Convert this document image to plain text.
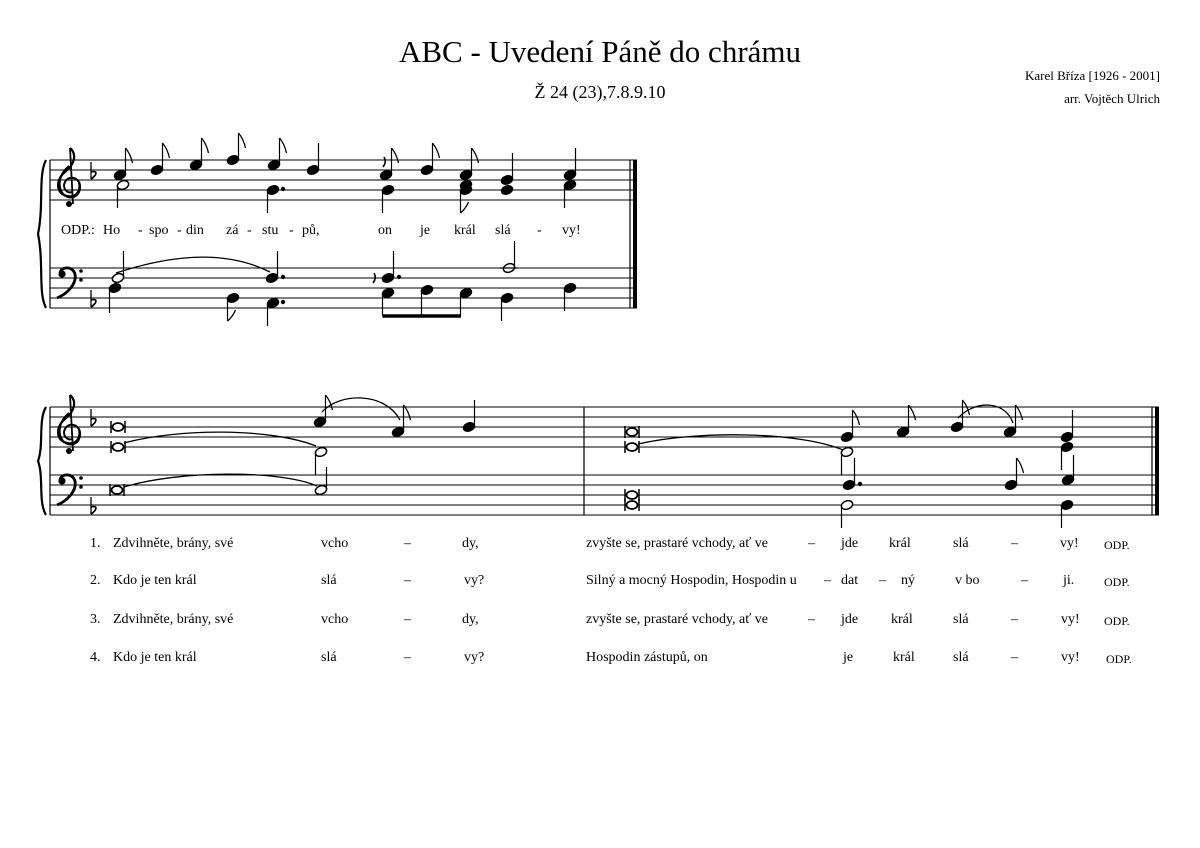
ABC - Uvedení Páně do chrámu
Ž 24 (23),7.8.9.10
Karel Bříza [1926 - 2001]
arr. Vojtěch Ulrich
ODP.: Ho - spo - din zá - stu - pů,	on je král slá - vy!
1. Zdvihněte, brány, své	vcho	–	dy,	zvyšte se, prastaré vchody, ať ve	– jde král	slá	–	vy! ODP.
2. Kdo je ten král	slá	–	vy?	Silný a mocný Hospodin, Hospodin u – dat – ný	v bo	–	ji. ODP.
3. Zdvihněte, brány, své	vcho	–	dy,	zvyšte se, prastaré vchody, ať ve	– jde král	slá	–	vy! ODP.
4. Kdo je ten král	slá	–	vy?	Hospodin zástupů, on	je	král	slá	–	vy! ODP.
